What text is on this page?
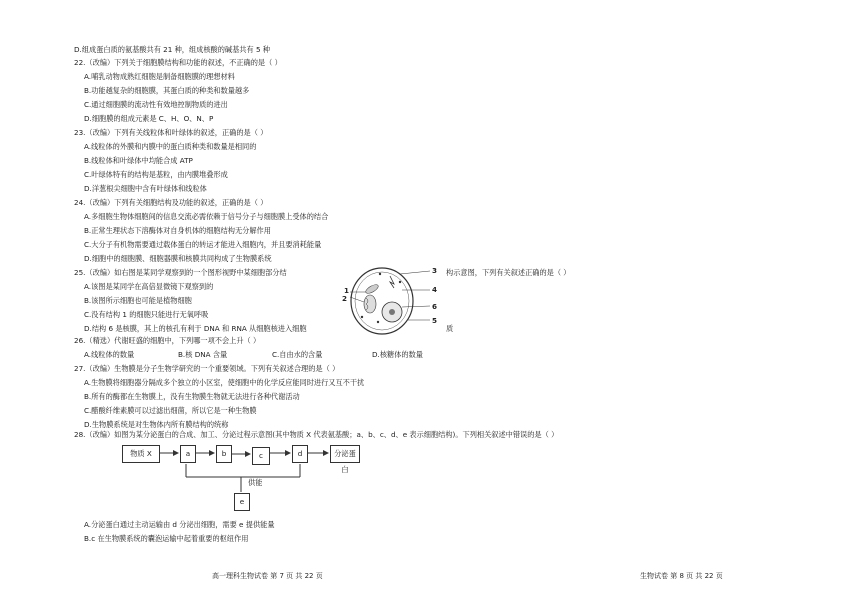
D.组成蛋白质的氨基酸共有 21 种，组成核酸的碱基共有 5 种
22.（改编）下列关于细胞膜结构和功能的叙述，不正确的是（ ）
A.哺乳动物成熟红细胞是制备细胞膜的理想材料
B.功能越复杂的细胞膜，其蛋白质的种类和数量越多
C.通过细胞膜的流动性有效地控制物质的进出
D.细胞膜的组成元素是 C、H、O、N、P
23.（改编）下列有关线粒体和叶绿体的叙述，正确的是（ ）
A.线粒体的外膜和内膜中的蛋白质种类和数量是相同的
B.线粒体和叶绿体中均能合成 ATP
C.叶绿体特有的结构是基粒，由内膜堆叠形成
D.洋葱根尖细胞中含有叶绿体和线粒体
24.（改编）下列有关细胞结构及功能的叙述，正确的是（ ）
A.多细胞生物体细胞间的信息交流必需依赖于信号分子与细胞膜上受体的结合
B.正常生理状态下溶酶体对自身机体的细胞结构无分解作用
C.大分子有机物需要通过载体蛋白的转运才能进入细胞内，并且要消耗能量
D.细胞中的细胞膜、细胞器膜和核膜共同构成了生物膜系统
25.（改编）如右图是某同学观察到的一个图形视野中某细胞部分结	构示意图，下列有关叙述正确的是（ ）
A.该图是某同学在高倍显微镜下观察到的
B.该图所示细胞也可能是植物细胞
C.没有结构 1 的细胞只能进行无氧呼吸
D.结构 6 是核膜，其上的核孔有利于 DNA 和 RNA 从细胞核进入细胞	质
26.（精选）代谢旺盛的细胞中，下列哪一项不会上升（ ）
A.线粒体的数量	B.核 DNA 含量	C.自由水的含量	D.核糖体的数量
27.（改编）生物膜是分子生物学研究的一个重要领域。下列有关叙述合理的是（ ）
A.生物膜将细胞器分隔成多个独立的小区室，使细胞中的化学反应能同时进行又互不干扰
B.所有的酶都在生物膜上，没有生物膜生物就无法进行各种代谢活动
C.醋酸纤维素膜可以过滤出细菌，所以它是一种生物膜
D.生物膜系统是对生物体内所有膜结构的统称
28.（改编）如图为某分泌蛋白的合成、加工、分泌过程示意图(其中物质 X 代表氨基酸；a、b、c、d、e 表示细胞结构)。下列相关叙述中错误的是（ ）
3
4
6
5
1
2
物质 X	a	b	c	d	分泌蛋白
供能
e
A.分泌蛋白通过主动运输由 d 分泌出细胞，需要 e 提供能量
B.c 在生物膜系统的囊泡运输中起着重要的枢纽作用
高一理科生物试卷 第 7 页 共 22 页	生物试卷 第 8 页 共 22 页
